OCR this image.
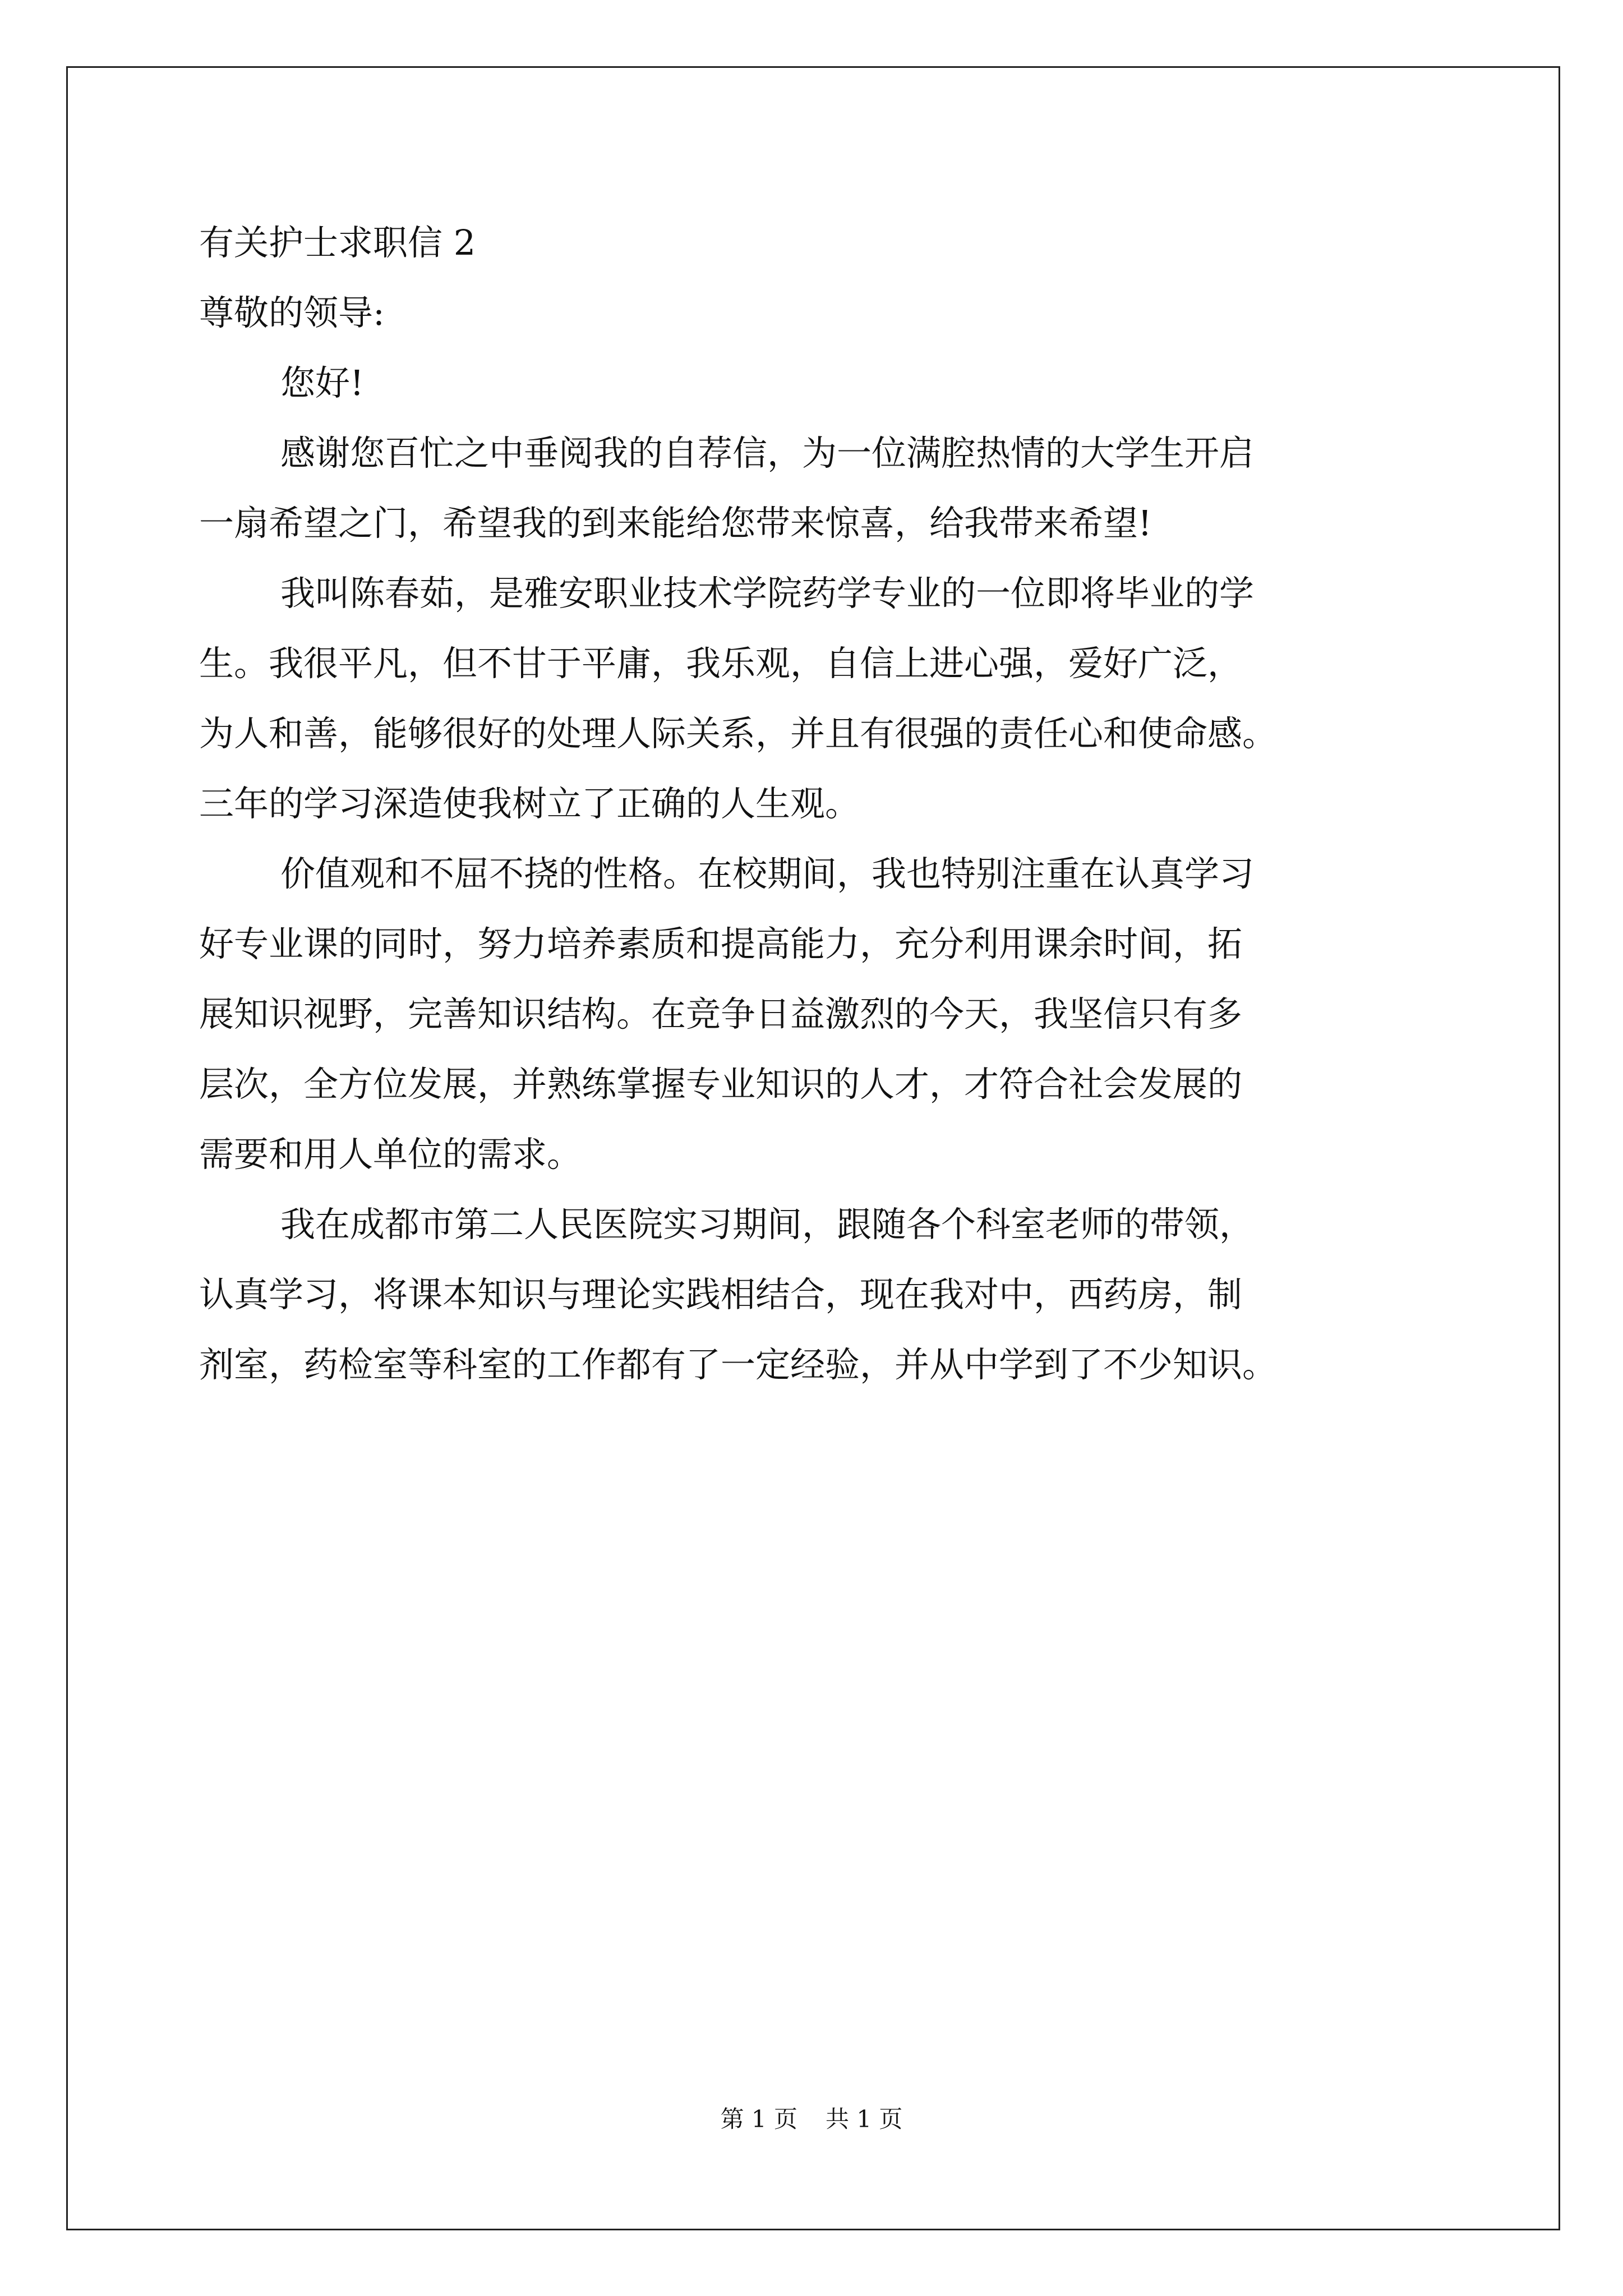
有关护士求职信 2

尊敬的领导:

您好!

感谢您百忙之中垂阅我的自荐信，为一位满腔热情的大学生开启

一扇希望之门，希望我的到来能给您带来惊喜，给我带来希望!

我叫陈春茹，是雅安职业技术学院药学专业的一位即将毕业的学

生。我很平凡，但不甘于平庸，我乐观，自信上进心强，爱好广泛，

为人和善，能够很好的处理人际关系，并且有很强的责任心和使命感。

三年的学习深造使我树立了正确的人生观。

价值观和不屈不挠的性格。在校期间，我也特别注重在认真学习

好专业课的同时，努力培养素质和提高能力，充分利用课余时间，拓

展知识视野，完善知识结构。在竞争日益激烈的今天，我坚信只有多

层次，全方位发展，并熟练掌握专业知识的人才，才符合社会发展的

需要和用人单位的需求。

我在成都市第二人民医院实习期间，跟随各个科室老师的带领，

认真学习，将课本知识与理论实践相结合，现在我对中，西药房，制

剂室，药检室等科室的工作都有了一定经验，并从中学到了不少知识。

第 1 页 共 1 页
